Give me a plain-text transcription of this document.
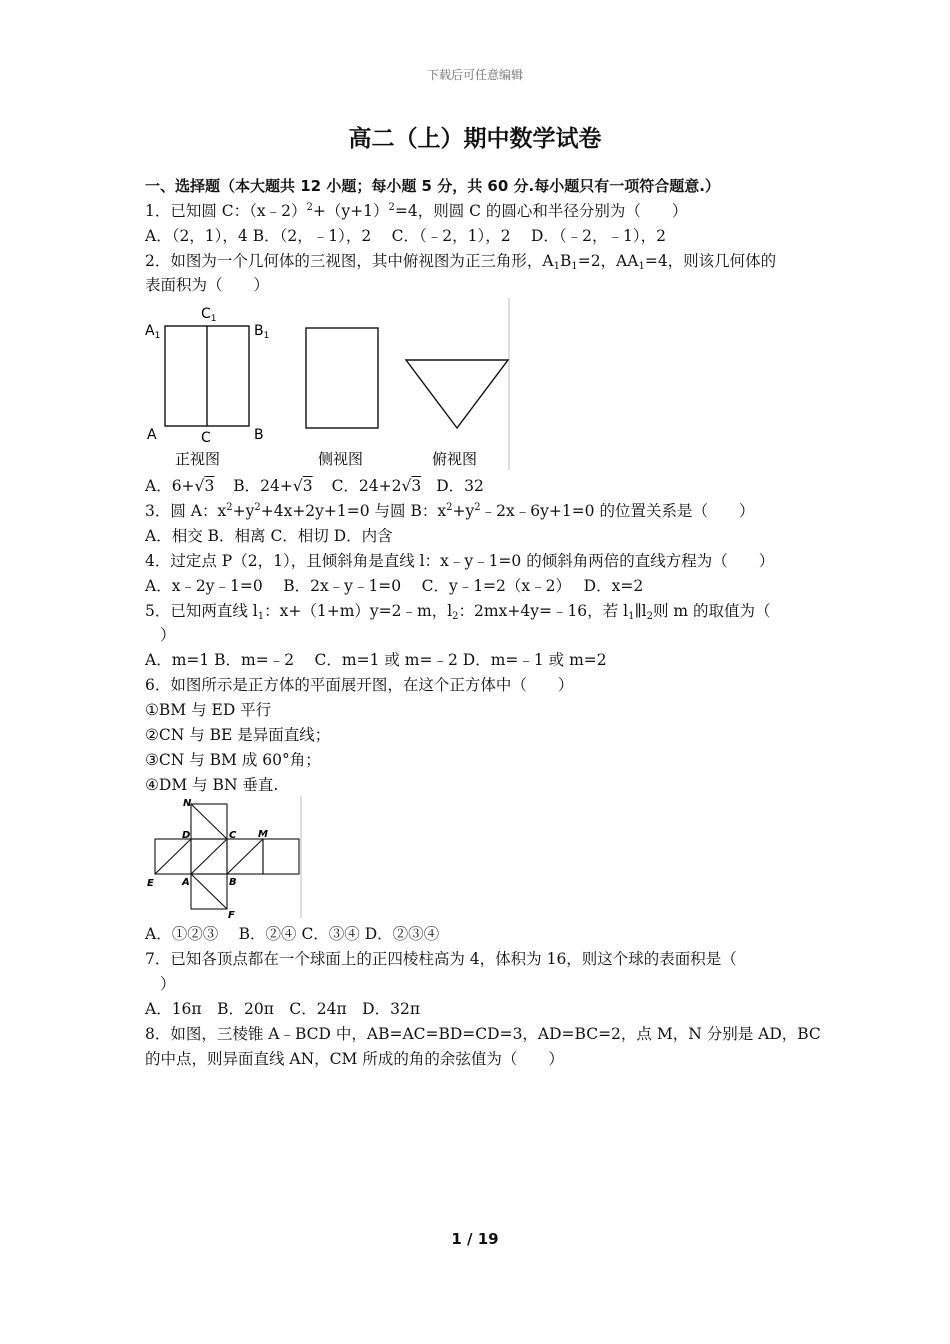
下载后可任意编辑
高二（上）期中数学试卷
一、选择题（本大题共 12 小题；每小题 5 分，共 60 分.每小题只有一项符合题意.）
1．已知圆 C：$(x﹣2)^2+(y+1)^2=4$，则圆 C 的圆心和半径分别为（　　）
A．（2，1），4 B．（2，﹣1），2　 C．（﹣2，1），2　 D．（﹣2，﹣1），2
2．如图为一个几何体的三视图，其中俯视图为正三角形，$A_1B_1=2$，$AA_1=4$，则该几何体的
表面积为（　　）
$A_1$
$C_1$
$B_1$
A	C	B
正视图	侧视图	俯视图
A．6+√3 B．24+√3 C．24+2√3 D．32
3．圆 A：$x^2+y^2+4x+2y+1=0$ 与圆 B：$x^2+y^2﹣2x﹣6y+1=0$ 的位置关系是（　　）
A．相交 B．相离 C．相切 D．内含
4．过定点 P（2，1），且倾斜角是直线 l：x﹣y﹣1=0 的倾斜角两倍的直线方程为（　　）
A．x﹣2y﹣1=0　 B．2x﹣y﹣1=0　 C．y﹣1=2（x﹣2）　 D．x=2
5．已知两直线 $l_1$：x+（1+m）y=2﹣m，$l_2$：2mx+4y=﹣16，若 $l_1\parallel l_2$则 m 的取值为（
）
A．m=1 B．m=﹣2　 C．m=1 或 m=﹣2 D．m=﹣1 或 m=2
6．如图所示是正方体的平面展开图，在这个正方体中（　　）
①BM 与 ED 平行
②CN 与 BE 是异面直线；
③CN 与 BM 成 60°角；
④DM 与 BN 垂直.
N
D	C M
E	A	B
F
A．①②③　 B．②④ C．③④ D．②③④
7．已知各顶点都在一个球面上的正四棱柱高为 4，体积为 16，则这个球的表面积是（
）
A．16π　B．20π　C．24π　D．32π
8．如图，三棱锥 A﹣BCD 中，AB=AC=BD=CD=3，AD=BC=2，点 M，N 分别是 AD，BC
的中点，则异面直线 AN，CM 所成的角的余弦值为（　　）
1 / 19
